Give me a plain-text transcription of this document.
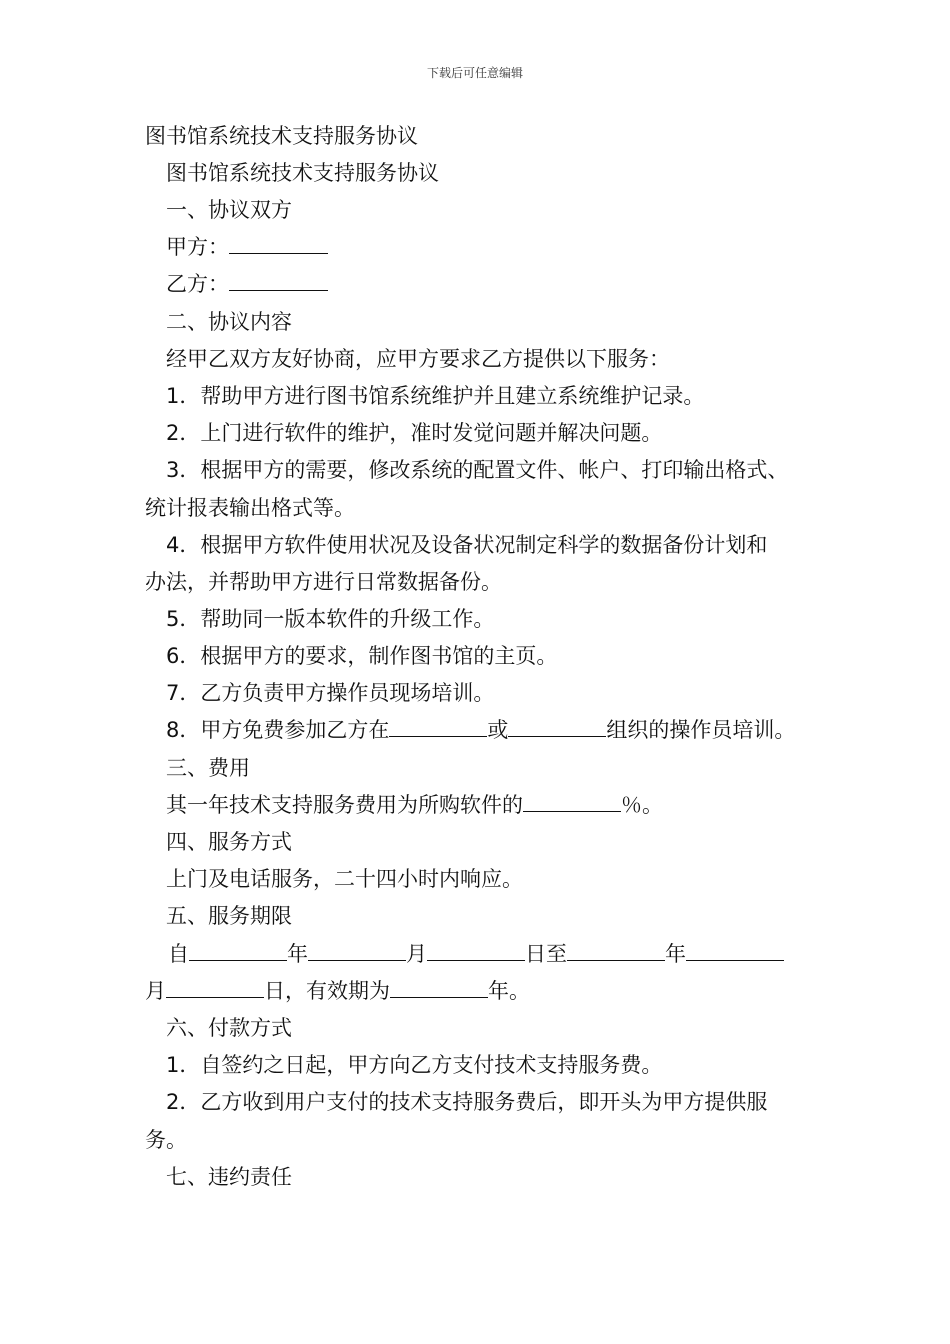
下载后可任意编辑
图书馆系统技术支持服务协议
图书馆系统技术支持服务协议
一、协议双方
甲方：
乙方：
二、协议内容
经甲乙双方友好协商，应甲方要求乙方提供以下服务：
1．帮助甲方进行图书馆系统维护并且建立系统维护记录。
2．上门进行软件的维护，准时发觉问题并解决问题。
3．根据甲方的需要，修改系统的配置文件、帐户、打印输出格式、
统计报表输出格式等。
4．根据甲方软件使用状况及设备状况制定科学的数据备份计划和
办法，并帮助甲方进行日常数据备份。
5．帮助同一版本软件的升级工作。
6．根据甲方的要求，制作图书馆的主页。
7．乙方负责甲方操作员现场培训。
8．甲方免费参加乙方在	或	组织的操作员培训。
三、费用
其一年技术支持服务费用为所购软件的	％。
四、服务方式
上门及电话服务，二十四小时内响应。
五、服务期限
自	年	月	日至	年
月	日，有效期为	年。
六、付款方式
1．自签约之日起，甲方向乙方支付技术支持服务费。
2．乙方收到用户支付的技术支持服务费后，即开头为甲方提供服
务。
七、违约责任
